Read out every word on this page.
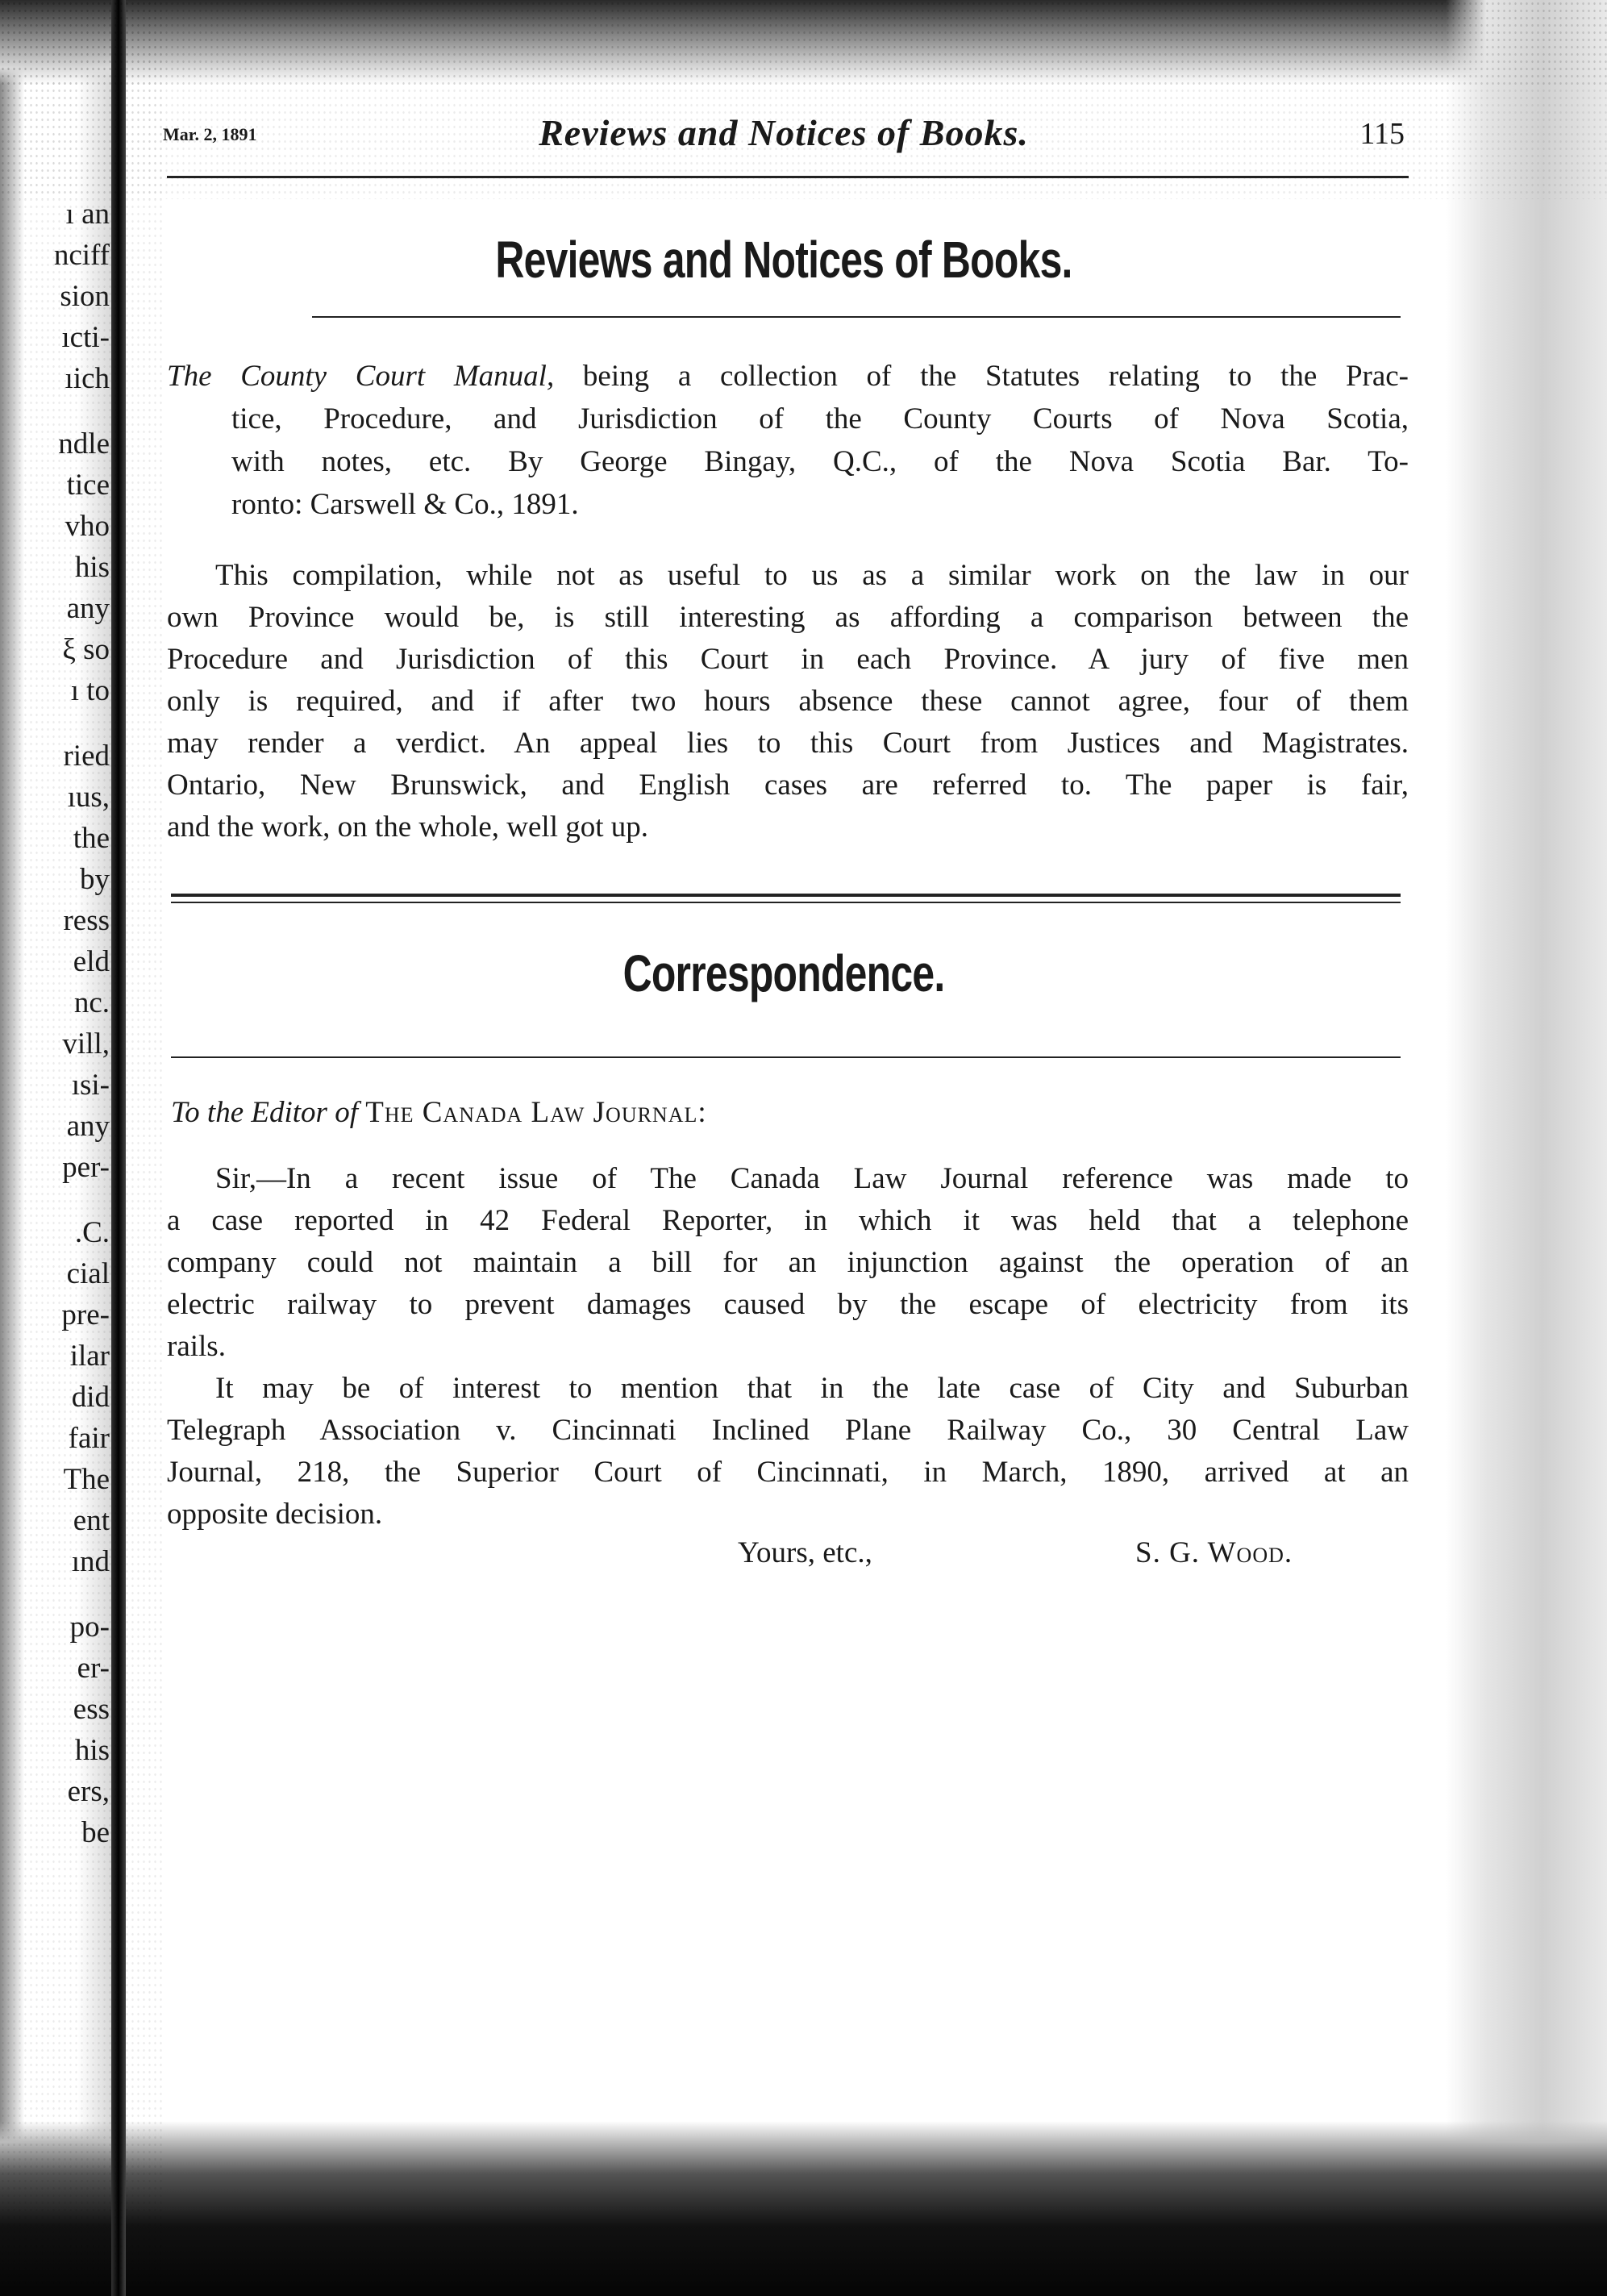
ı an
nciff
sion
ıcti-
ıich
ndle
tice
vho
his
any
ξ so
ı to
ried
ıus,
the
by
ress
eld
nc.
vill,
ısi-
any
per-
.C.
cial
pre-
ilar
did
fair
The
ent
ınd
po-
er-
ess
his
ers,
be
Mar. 2, 1891	Reviews and Notices of Books.	115
Reviews and Notices of Books.
The County Court Manual, being a collection of the Statutes relating to the Prac-
tice, Procedure, and Jurisdiction of the County Courts of Nova Scotia,
with notes, etc. By George Bingay, Q.C., of the Nova Scotia Bar. To-
ronto: Carswell & Co., 1891.
This compilation, while not as useful to us as a similar work on the law in our
own Province would be, is still interesting as affording a comparison between the
Procedure and Jurisdiction of this Court in each Province. A jury of five men
only is required, and if after two hours absence these cannot agree, four of them
may render a verdict. An appeal lies to this Court from Justices and Magistrates.
Ontario, New Brunswick, and English cases are referred to. The paper is fair,
and the work, on the whole, well got up.
Correspondence.
To the Editor of The Canada Law Journal:
Sir,—In a recent issue of The Canada Law Journal reference was made to
a case reported in 42 Federal Reporter, in which it was held that a telephone
company could not maintain a bill for an injunction against the operation of an
electric railway to prevent damages caused by the escape of electricity from its
rails.
It may be of interest to mention that in the late case of City and Suburban
Telegraph Association v. Cincinnati Inclined Plane Railway Co., 30 Central Law
Journal, 218, the Superior Court of Cincinnati, in March, 1890, arrived at an
opposite decision.
Yours, etc.,	S. G. Wood.
